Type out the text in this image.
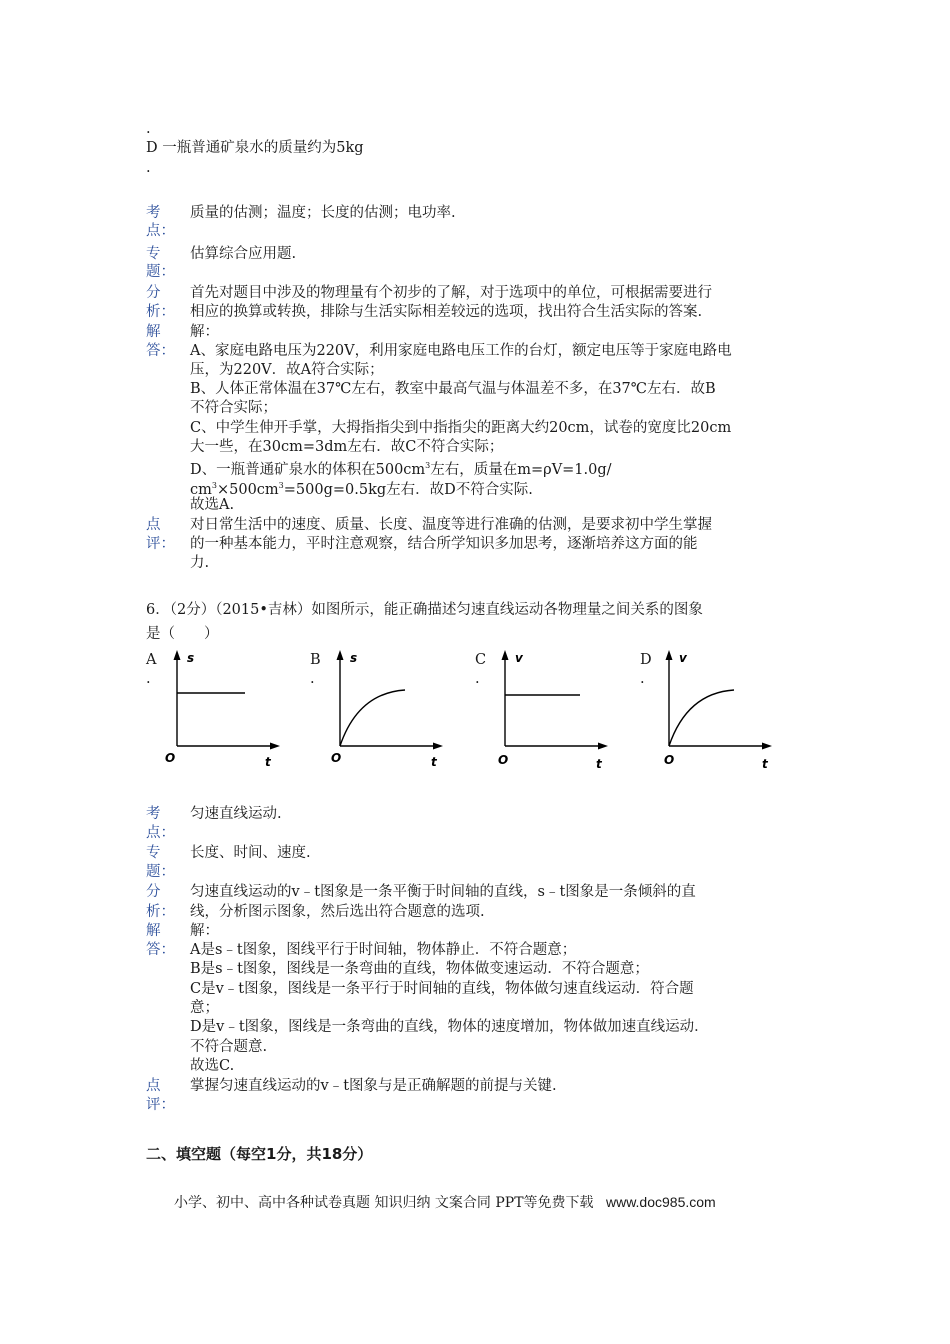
.
D 一瓶普通矿泉水的质量约为5kg
.
考
点：
质量的估测；温度；长度的估测；电功率.
专
题：
估算综合应用题.
分
析：
首先对题目中涉及的物理量有个初步的了解，对于选项中的单位，可根据需要进行
相应的换算或转换，排除与生活实际相差较远的选项，找出符合生活实际的答案.
解
答：
解：
A、家庭电路电压为220V，利用家庭电路电压工作的台灯，额定电压等于家庭电路电
压，为220V．故A符合实际；
B、人体正常体温在37℃左右，教室中最高气温与体温差不多，在37℃左右．故B
不符合实际；
C、中学生伸开手掌，大拇指指尖到中指指尖的距离大约20cm，试卷的宽度比20cm
大一些，在30cm=3dm左右．故C不符合实际；
D、一瓶普通矿泉水的体积在$500cm^3$左右，质量在m=ρV=1.0g/
$cm^3\times 500cm^3=500g=0.5kg$左右．故D不符合实际.
故选A.
点
评：
对日常生活中的速度、质量、长度、温度等进行准确的估测，是要求初中学生掌握
的一种基本能力，平时注意观察，结合所学知识多加思考，逐渐培养这方面的能
力.
6．（2分）（2015•吉林）如图所示，能正确描述匀速直线运动各物理量之间关系的图象
是（　　）
A
.
B
.
C
.
D
.
s
t
O
s
t
O
v
t
O
v
t
O
考
点：
匀速直线运动.
专
题：
长度、时间、速度.
分
析：
匀速直线运动的v﹣t图象是一条平衡于时间轴的直线，s﹣t图象是一条倾斜的直
线，分析图示图象，然后选出符合题意的选项.
解
答：
解：
A是s﹣t图象，图线平行于时间轴，物体静止．不符合题意；
B是s﹣t图象，图线是一条弯曲的直线，物体做变速运动．不符合题意；
C是v﹣t图象，图线是一条平行于时间轴的直线，物体做匀速直线运动．符合题
意；
D是v﹣t图象，图线是一条弯曲的直线，物体的速度增加，物体做加速直线运动．
不符合题意.
故选C.
点
评：
掌握匀速直线运动的v﹣t图象与是正确解题的前提与关键.
二、填空题（每空1分，共18分）
小学、初中、高中各种试卷真题 知识归纳 文案合同 PPT等免费下载 www.doc985.com
